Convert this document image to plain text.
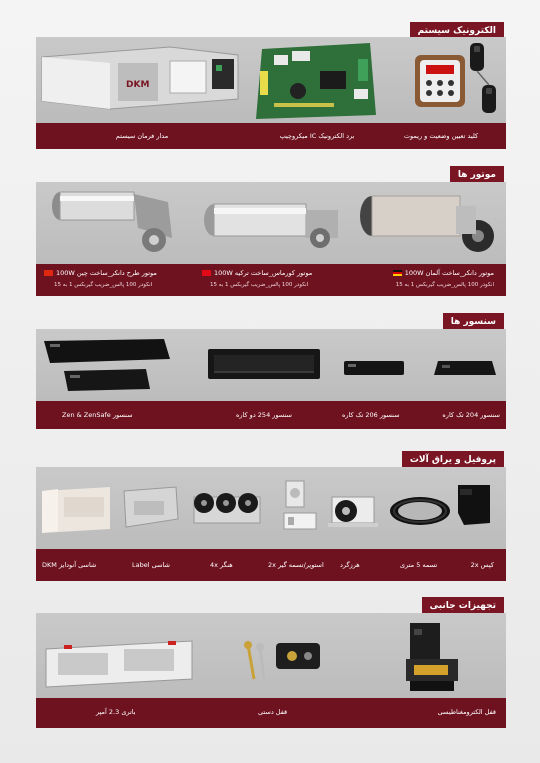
الکترونیک سیستم
DKM
کلید تعیین وضعیت و ریموت
برد الکترونیک IC میکروچیپ
مدار فرمان سیستم
موتور ها
موتور دانکر_ساخت آلمان 100W
انکودر 100 پالس_ضریب گیربکس 1 به 15
موتور کورماس_ساخت ترکیه 100W
انکودر 100 پالس_ضریب گیربکس 1 به 15
موتور طرح دانکر_ساخت چین 100W
انکودر 100 پالس_ضریب گیربکس 1 به 15
سنسور ها
سنسور 204 تک کاره
سنسور 206 تک کاره
سنسور 254 دو کاره
سنسور Zen & ZenSafe
پروفیل و یراق آلات
کپس 2x
تسمه 5 متری
هرزگرد
استوپر/تسمه گیر 2x
هنگر 4x
شاسی Label
شاسی آنودایز DKM
تجهیزات جانبی
قفل الکترومغناطیسی
قفل دستی
باتری 2.3 آمپر
